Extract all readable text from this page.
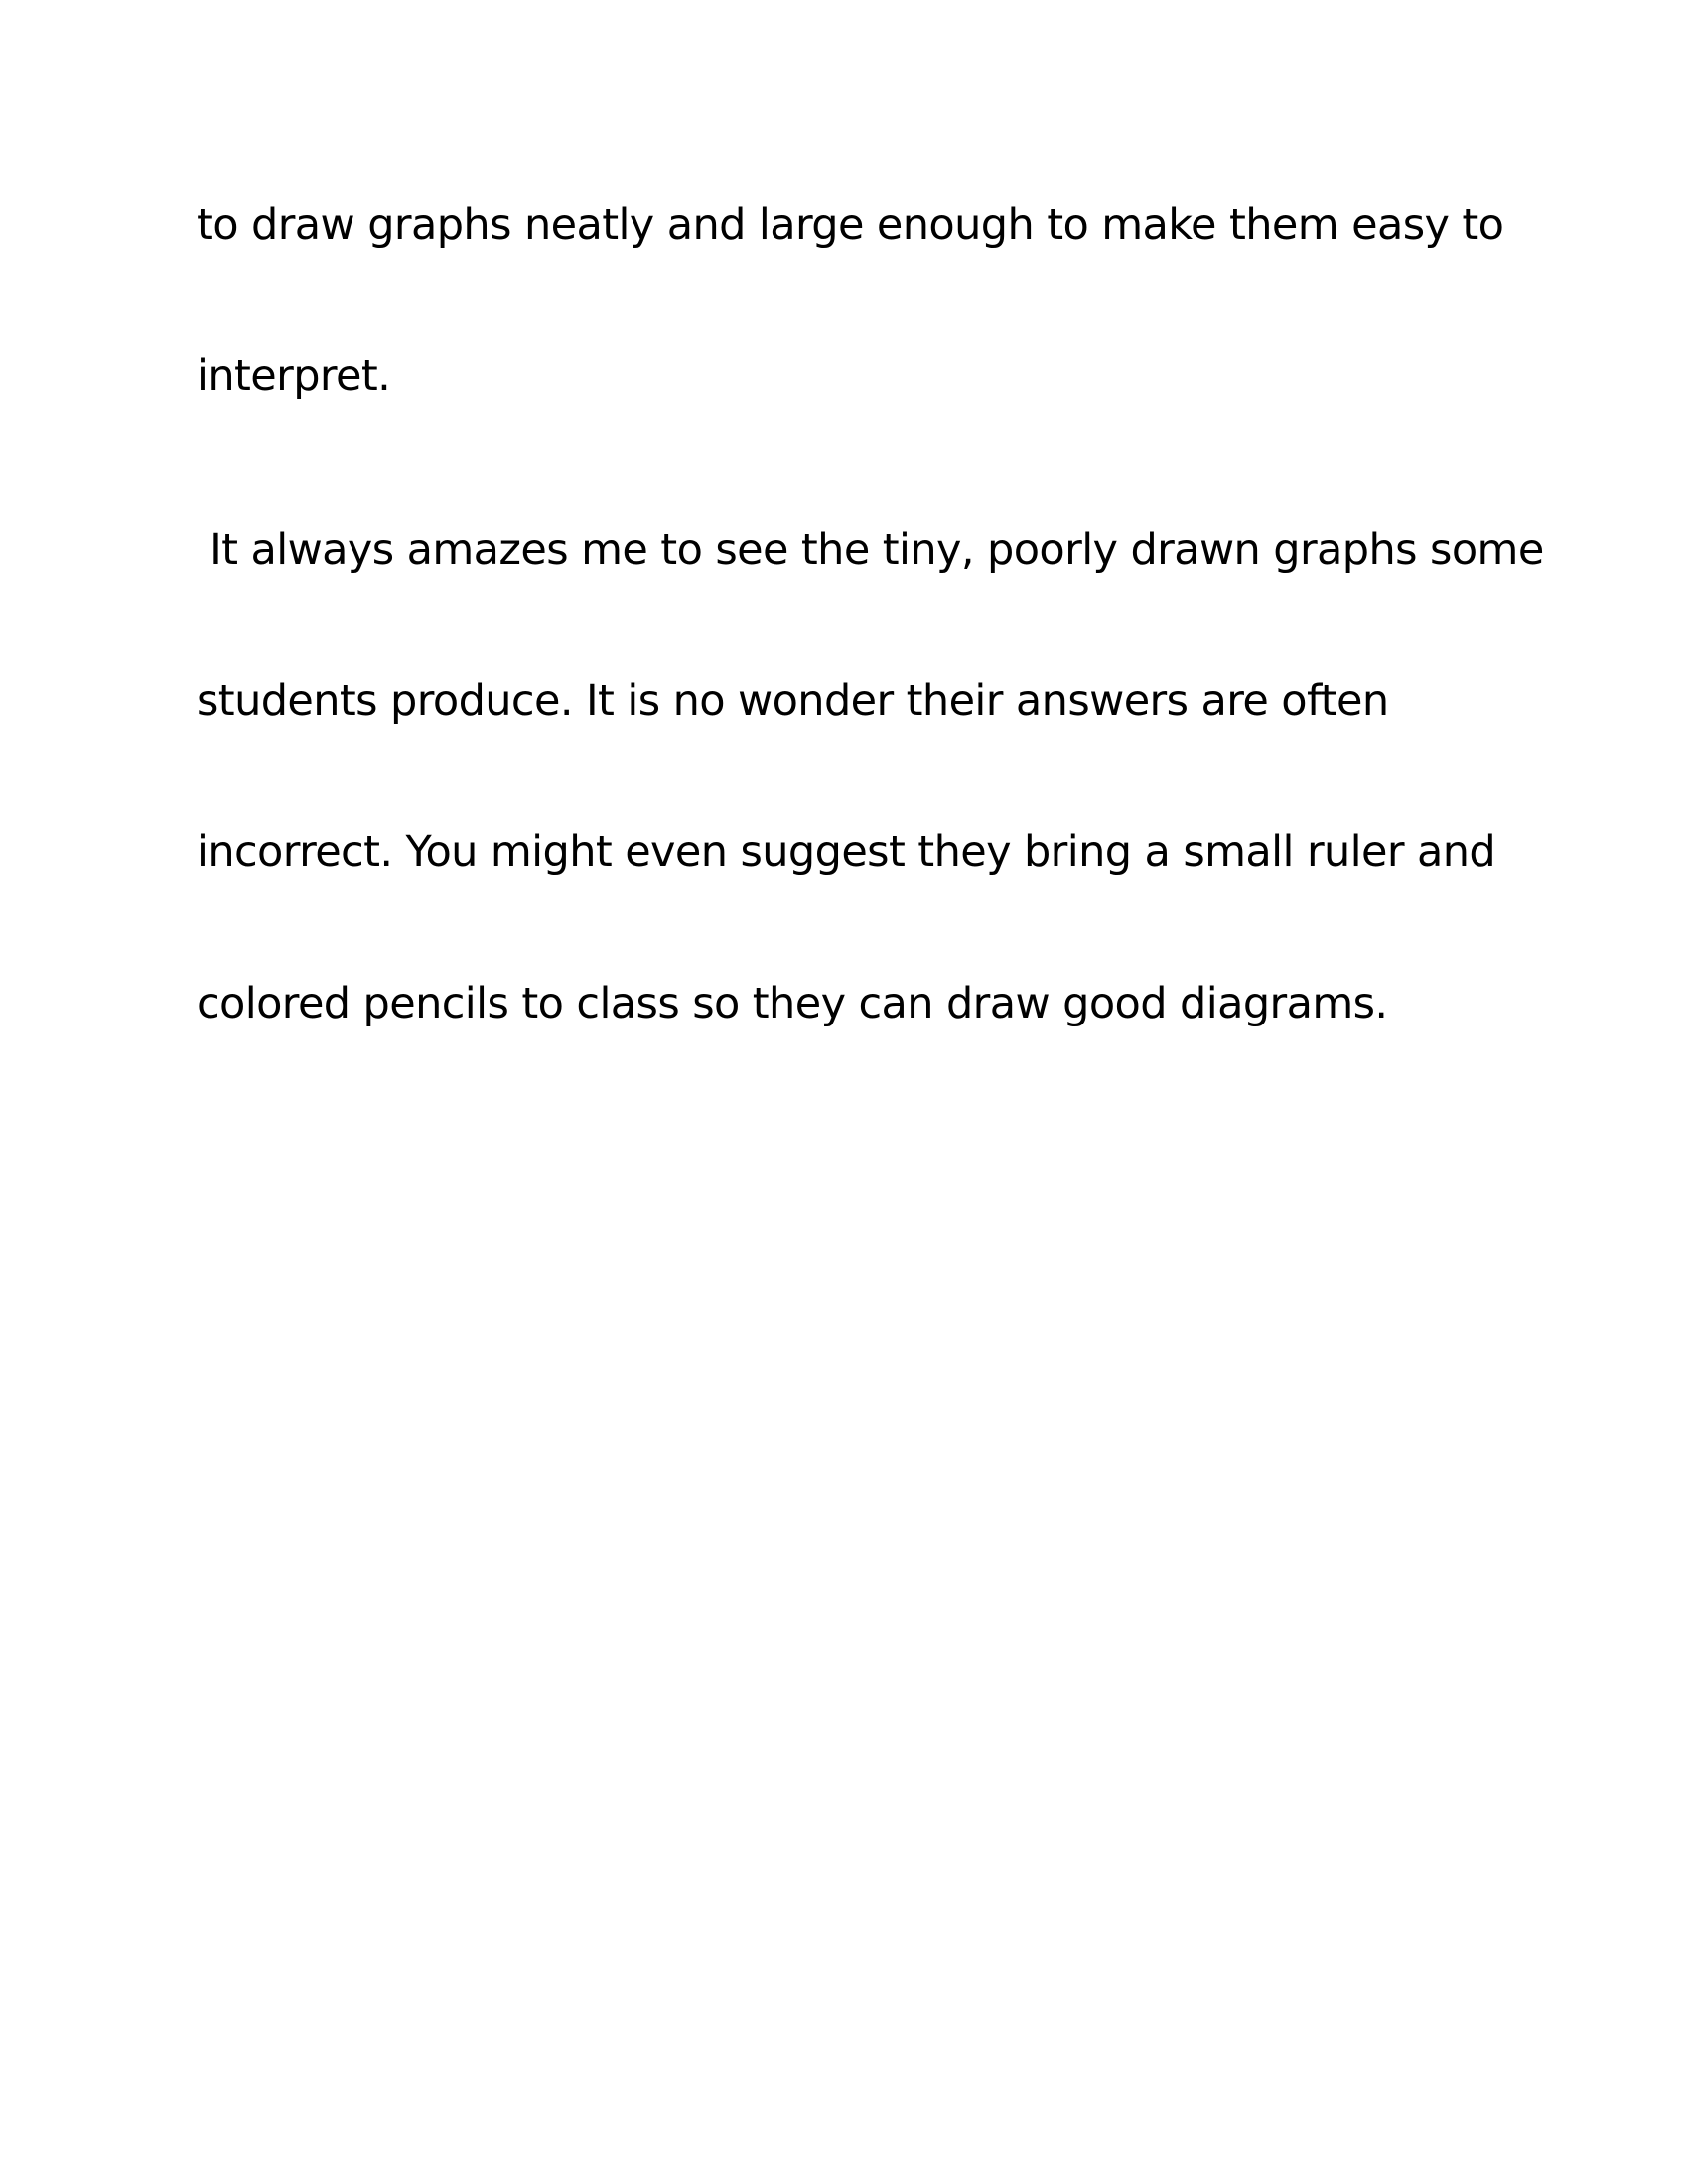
to draw graphs neatly and large enough to make them easy to

interpret.

It always amazes me to see the tiny, poorly drawn graphs some

students produce. It is no wonder their answers are often

incorrect. You might even suggest they bring a small ruler and

colored pencils to class so they can draw good diagrams.
